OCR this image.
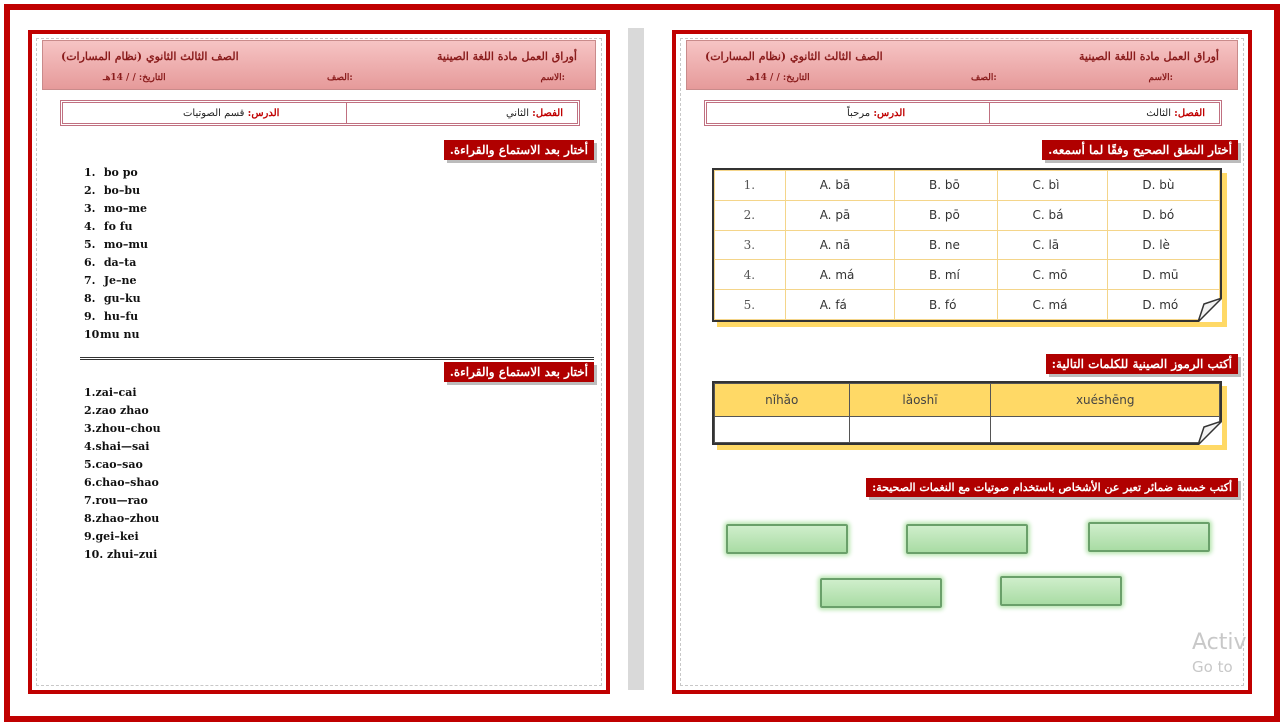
أوراق العمل مادة اللغة الصينية
الصف الثالث الثانوي (نظام المسارات)
الاسم:
الصف:
التاريخ: / / 14هـ
الفصل: الثاني
الدرس: قسم الصوتيات
أختار بعد الاستماع والقراءة.
1. bo po
2. bo–bu
3. mo–me
4. fo fu
5. mo–mu
6. da–ta
7. Je–ne
8. gu–ku
9. hu–fu
10mu nu
أختار بعد الاستماع والقراءة.
1.zai–cai
2.zao zhao
3.zhou–chou
4.shai—sai
5.cao–sao
6.chao–shao
7.rou—rao
8.zhao–zhou
9.gei–kei
10. zhui–zui
أوراق العمل مادة اللغة الصينية
الصف الثالث الثانوي (نظام المسارات)
الاسم:
الصف:
التاريخ: / / 14هـ
الفصل: الثالث
الدرس: مرحباً
أختار النطق الصحيح وفقًا لما أسمعه.
1.	A. bā	B. bō	C. bì	D. bù
2.	A. pā	B. pō	C. bá	D. bó
3.	A. nā	B. ne	C. lā	D. lè
4.	A. má	B. mí	C. mō	D. mū
5.	A. fá	B. fó	C. má	D. mó
أكتب الرموز الصينية للكلمات التالية:
nǐhǎo	lǎoshī	xuéshēng

أكتب خمسة ضمائر تعبر عن الأشخاص باستخدام صوتيات مع النغمات الصحيحة:
Activ
Go to
